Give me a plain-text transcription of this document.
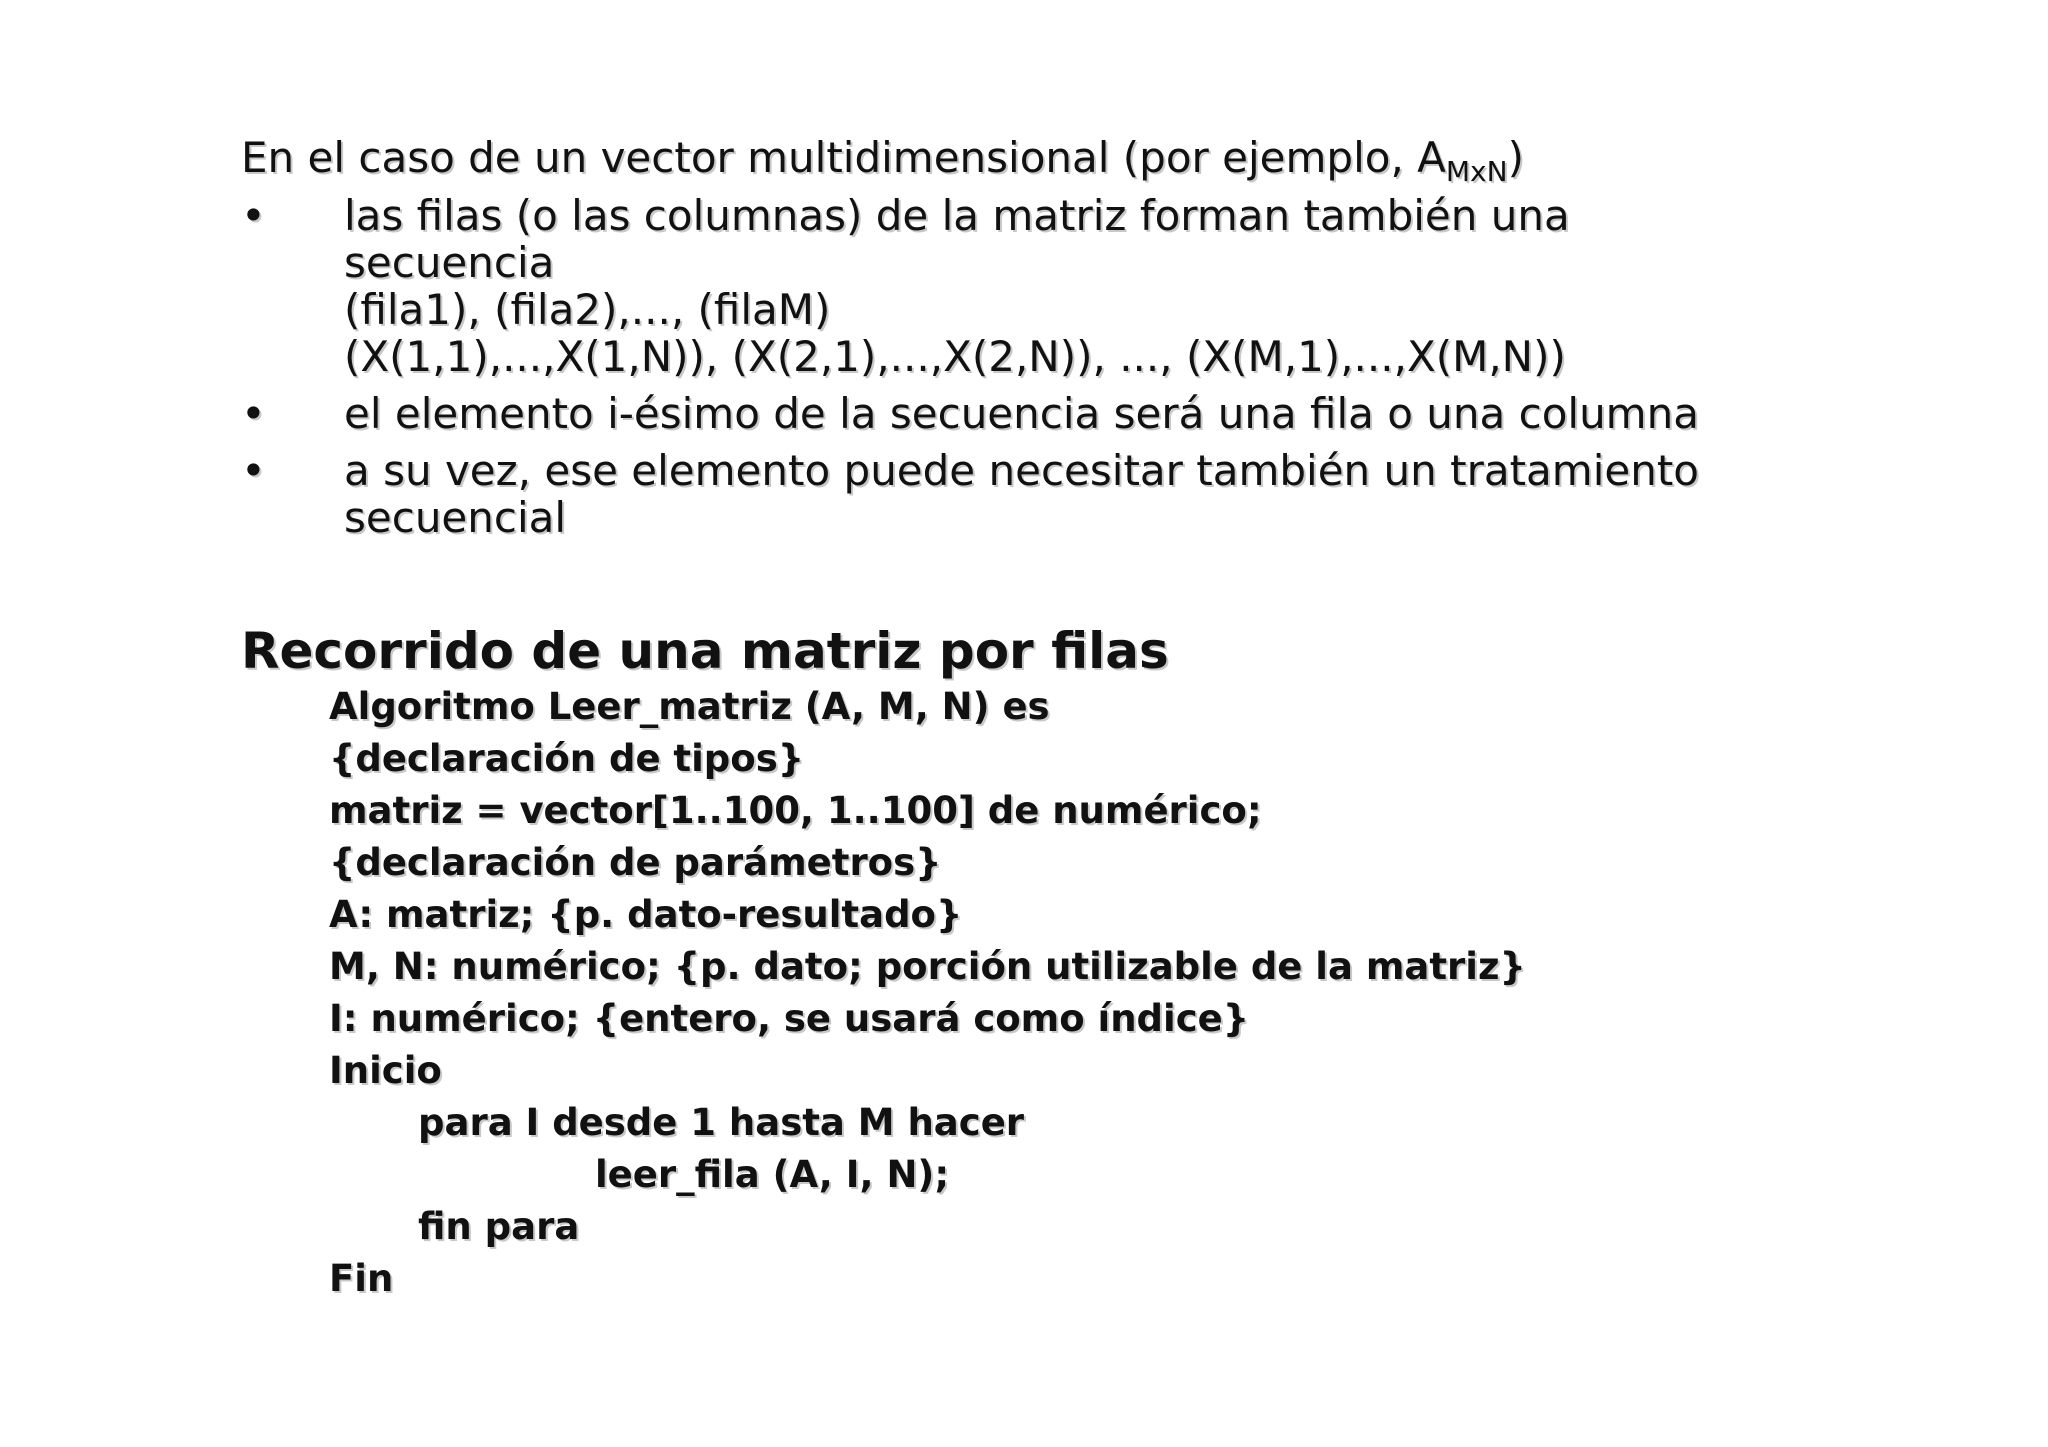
En el caso de un vector multidimensional (por ejemplo, $A_{MxN}$)

• las filas (o las columnas) de la matriz forman también una
secuencia
(fila1), (fila2),..., (filaM)
(X(1,1),...,X(1,N)), (X(2,1),...,X(2,N)), ..., (X(M,1),...,X(M,N))
• el elemento i-ésimo de la secuencia será una fila o una columna
• a su vez, ese elemento puede necesitar también un tratamiento
secuencial
Recorrido de una matriz por filas
Algoritmo Leer_matriz (A, M, N) es
{declaración de tipos}
matriz = vector[1..100, 1..100] de numérico;
{declaración de parámetros}
A: matriz; {p. dato-resultado}
M, N: numérico; {p. dato; porción utilizable de la matriz}
I: numérico; {entero, se usará como índice}
Inicio
para I desde 1 hasta M hacer
leer_fila (A, I, N);
fin para
Fin
